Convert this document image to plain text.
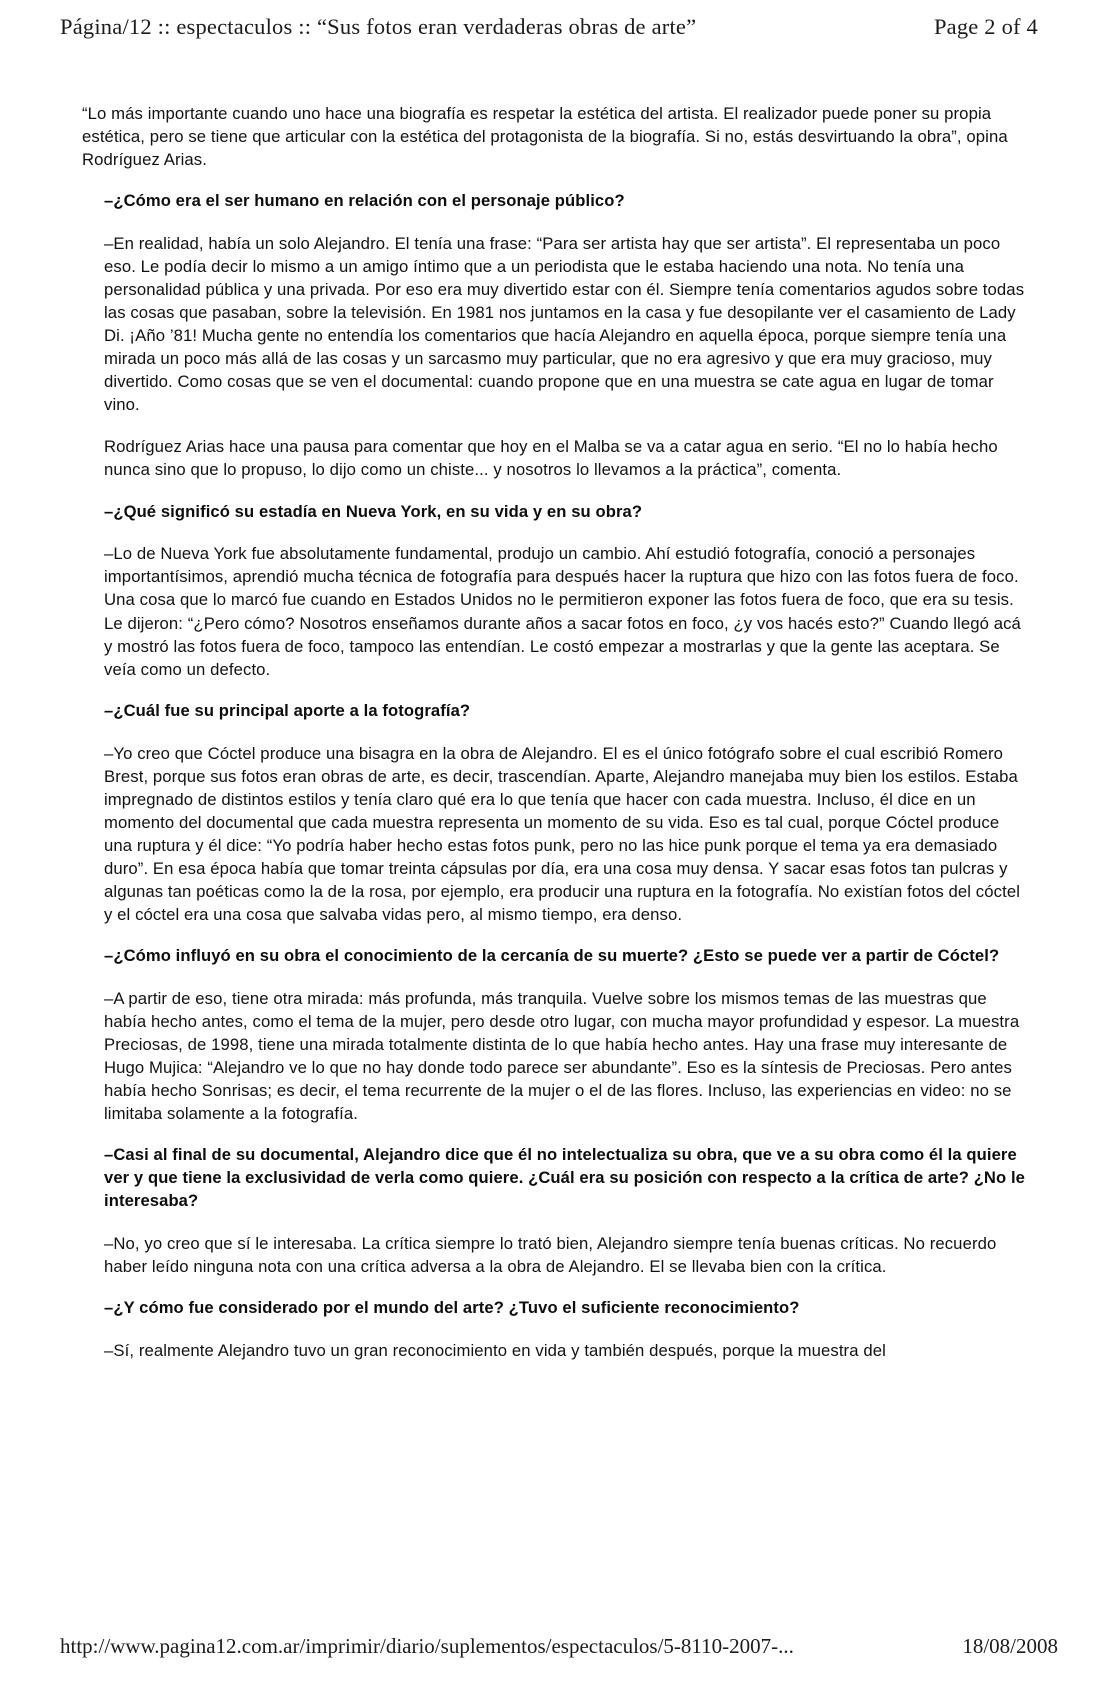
Página/12 :: espectaculos :: “Sus fotos eran verdaderas obras de arte”	Page 2 of 4

“Lo más importante cuando uno hace una biografía es respetar la estética del artista. El realizador puede poner su propia estética, pero se tiene que articular con la estética del protagonista de la biografía. Si no, estás desvirtuando la obra”, opina Rodríguez Arias.

–¿Cómo era el ser humano en relación con el personaje público?

–En realidad, había un solo Alejandro. El tenía una frase: “Para ser artista hay que ser artista”. El representaba un poco eso. Le podía decir lo mismo a un amigo íntimo que a un periodista que le estaba haciendo una nota. No tenía una personalidad pública y una privada. Por eso era muy divertido estar con él. Siempre tenía comentarios agudos sobre todas las cosas que pasaban, sobre la televisión. En 1981 nos juntamos en la casa y fue desopilante ver el casamiento de Lady Di. ¡Año ’81! Mucha gente no entendía los comentarios que hacía Alejandro en aquella época, porque siempre tenía una mirada un poco más allá de las cosas y un sarcasmo muy particular, que no era agresivo y que era muy gracioso, muy divertido. Como cosas que se ven el documental: cuando propone que en una muestra se cate agua en lugar de tomar vino.

Rodríguez Arias hace una pausa para comentar que hoy en el Malba se va a catar agua en serio. “El no lo había hecho nunca sino que lo propuso, lo dijo como un chiste... y nosotros lo llevamos a la práctica”, comenta.

–¿Qué significó su estadía en Nueva York, en su vida y en su obra?

–Lo de Nueva York fue absolutamente fundamental, produjo un cambio. Ahí estudió fotografía, conoció a personajes importantísimos, aprendió mucha técnica de fotografía para después hacer la ruptura que hizo con las fotos fuera de foco. Una cosa que lo marcó fue cuando en Estados Unidos no le permitieron exponer las fotos fuera de foco, que era su tesis. Le dijeron: “¿Pero cómo? Nosotros enseñamos durante años a sacar fotos en foco, ¿y vos hacés esto?” Cuando llegó acá y mostró las fotos fuera de foco, tampoco las entendían. Le costó empezar a mostrarlas y que la gente las aceptara. Se veía como un defecto.

–¿Cuál fue su principal aporte a la fotografía?

–Yo creo que Cóctel produce una bisagra en la obra de Alejandro. El es el único fotógrafo sobre el cual escribió Romero Brest, porque sus fotos eran obras de arte, es decir, trascendían. Aparte, Alejandro manejaba muy bien los estilos. Estaba impregnado de distintos estilos y tenía claro qué era lo que tenía que hacer con cada muestra. Incluso, él dice en un momento del documental que cada muestra representa un momento de su vida. Eso es tal cual, porque Cóctel produce una ruptura y él dice: “Yo podría haber hecho estas fotos punk, pero no las hice punk porque el tema ya era demasiado duro”. En esa época había que tomar treinta cápsulas por día, era una cosa muy densa. Y sacar esas fotos tan pulcras y algunas tan poéticas como la de la rosa, por ejemplo, era producir una ruptura en la fotografía. No existían fotos del cóctel y el cóctel era una cosa que salvaba vidas pero, al mismo tiempo, era denso.

–¿Cómo influyó en su obra el conocimiento de la cercanía de su muerte? ¿Esto se puede ver a partir de Cóctel?

–A partir de eso, tiene otra mirada: más profunda, más tranquila. Vuelve sobre los mismos temas de las muestras que había hecho antes, como el tema de la mujer, pero desde otro lugar, con mucha mayor profundidad y espesor. La muestra Preciosas, de 1998, tiene una mirada totalmente distinta de lo que había hecho antes. Hay una frase muy interesante de Hugo Mujica: “Alejandro ve lo que no hay donde todo parece ser abundante”. Eso es la síntesis de Preciosas. Pero antes había hecho Sonrisas; es decir, el tema recurrente de la mujer o el de las flores. Incluso, las experiencias en video: no se limitaba solamente a la fotografía.

–Casi al final de su documental, Alejandro dice que él no intelectualiza su obra, que ve a su obra como él la quiere ver y que tiene la exclusividad de verla como quiere. ¿Cuál era su posición con respecto a la crítica de arte? ¿No le interesaba?

–No, yo creo que sí le interesaba. La crítica siempre lo trató bien, Alejandro siempre tenía buenas críticas. No recuerdo haber leído ninguna nota con una crítica adversa a la obra de Alejandro. El se llevaba bien con la crítica.

–¿Y cómo fue considerado por el mundo del arte? ¿Tuvo el suficiente reconocimiento?

–Sí, realmente Alejandro tuvo un gran reconocimiento en vida y también después, porque la muestra del

http://www.pagina12.com.ar/imprimir/diario/suplementos/espectaculos/5-8110-2007-...	18/08/2008
